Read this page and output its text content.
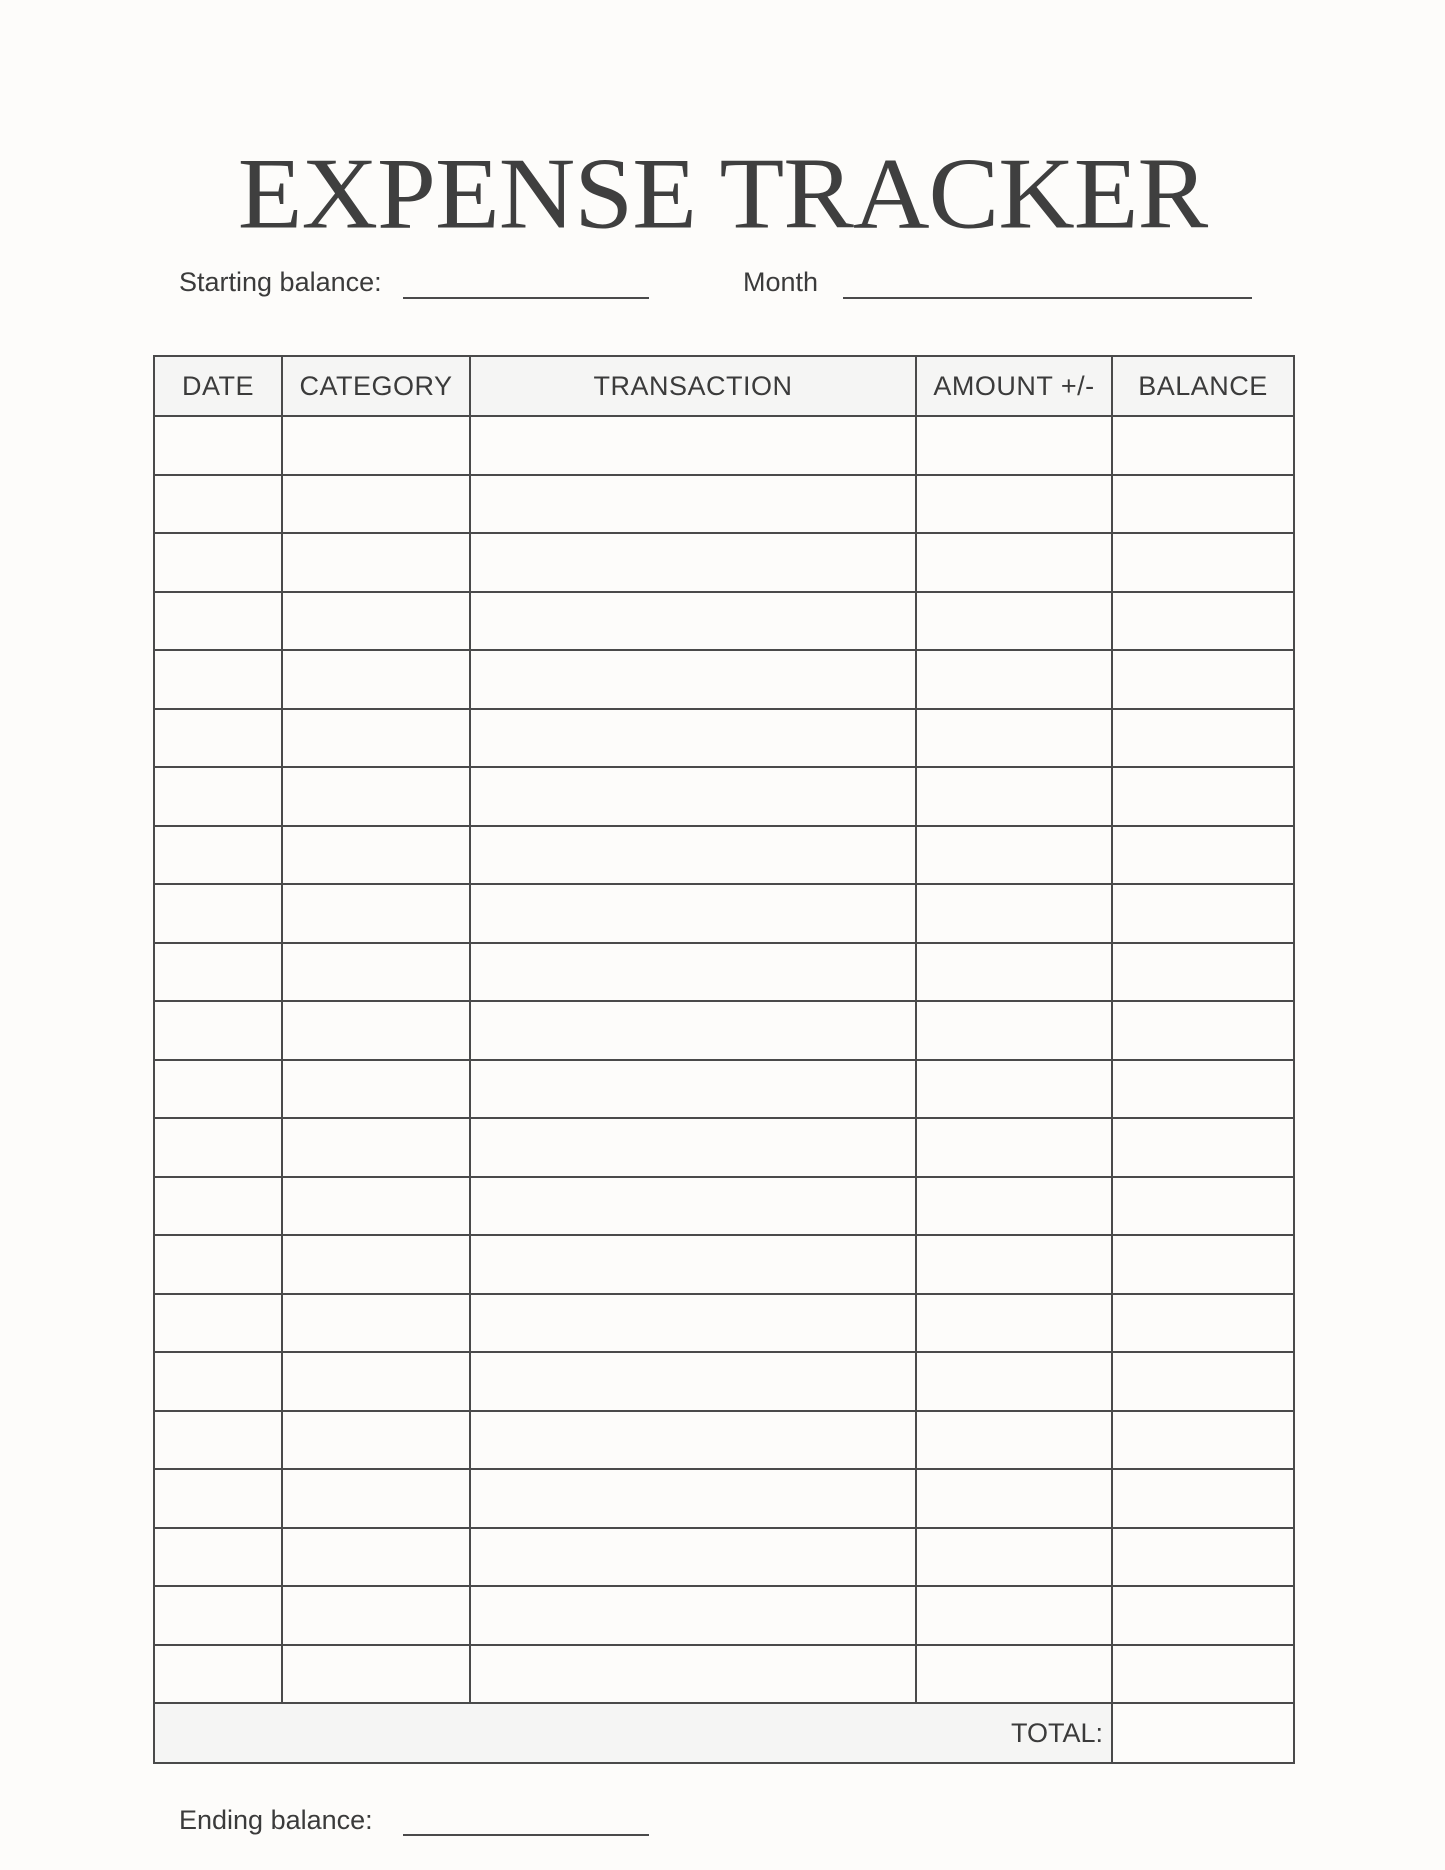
EXPENSE TRACKER
Starting balance:	Month
DATE	CATEGORY	TRANSACTION	AMOUNT +/-	BALANCE

TOTAL:				
Ending balance:
